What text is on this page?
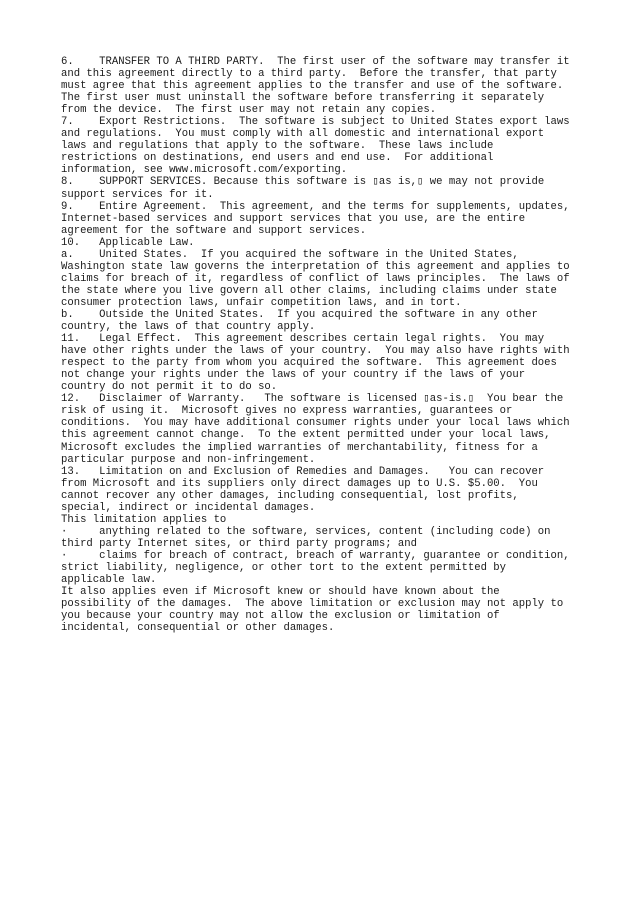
6.    TRANSFER TO A THIRD PARTY.  The first user of the software may transfer it
and this agreement directly to a third party.  Before the transfer, that party
must agree that this agreement applies to the transfer and use of the software.
The first user must uninstall the software before transferring it separately
from the device.  The first user may not retain any copies.
7.    Export Restrictions.  The software is subject to United States export laws
and regulations.  You must comply with all domestic and international export
laws and regulations that apply to the software.  These laws include
restrictions on destinations, end users and end use.  For additional
information, see www.microsoft.com/exporting.
8.    SUPPORT SERVICES. Because this software is ▯as is,▯ we may not provide
support services for it.
9.    Entire Agreement.  This agreement, and the terms for supplements, updates,
Internet-based services and support services that you use, are the entire
agreement for the software and support services.
10.   Applicable Law.
a.    United States.  If you acquired the software in the United States,
Washington state law governs the interpretation of this agreement and applies to
claims for breach of it, regardless of conflict of laws principles.  The laws of
the state where you live govern all other claims, including claims under state
consumer protection laws, unfair competition laws, and in tort.
b.    Outside the United States.  If you acquired the software in any other
country, the laws of that country apply.
11.   Legal Effect.  This agreement describes certain legal rights.  You may
have other rights under the laws of your country.  You may also have rights with
respect to the party from whom you acquired the software.  This agreement does
not change your rights under the laws of your country if the laws of your
country do not permit it to do so.
12.   Disclaimer of Warranty.   The software is licensed ▯as-is.▯  You bear the
risk of using it.  Microsoft gives no express warranties, guarantees or
conditions.  You may have additional consumer rights under your local laws which
this agreement cannot change.  To the extent permitted under your local laws,
Microsoft excludes the implied warranties of merchantability, fitness for a
particular purpose and non-infringement.
13.   Limitation on and Exclusion of Remedies and Damages.   You can recover
from Microsoft and its suppliers only direct damages up to U.S. $5.00.  You
cannot recover any other damages, including consequential, lost profits,
special, indirect or incidental damages.
This limitation applies to
·     anything related to the software, services, content (including code) on
third party Internet sites, or third party programs; and
·     claims for breach of contract, breach of warranty, guarantee or condition,
strict liability, negligence, or other tort to the extent permitted by
applicable law.
It also applies even if Microsoft knew or should have known about the
possibility of the damages.  The above limitation or exclusion may not apply to
you because your country may not allow the exclusion or limitation of
incidental, consequential or other damages.
